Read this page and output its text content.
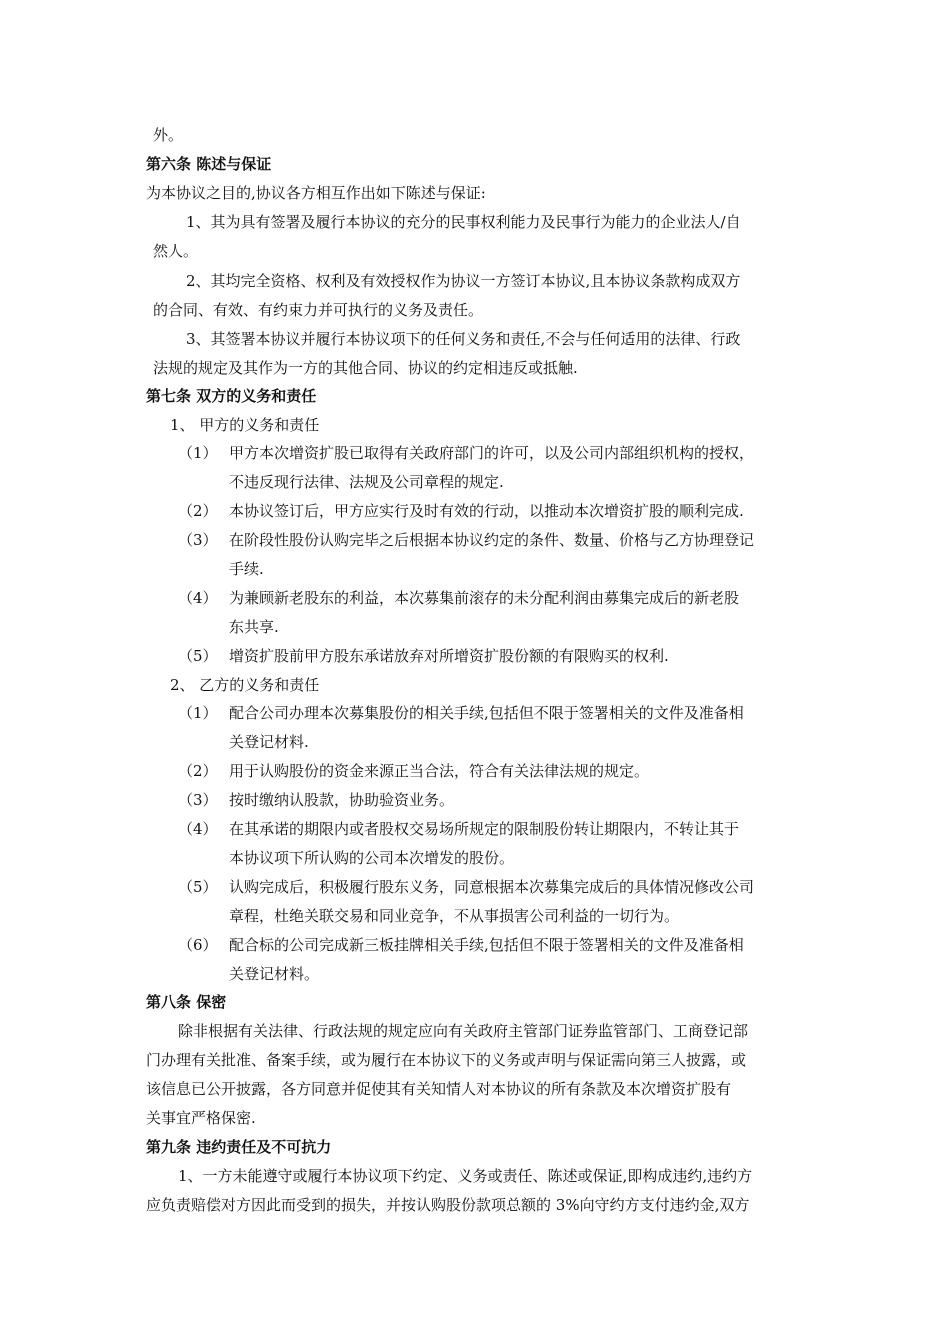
外。
第六条 陈述与保证
为本协议之目的,协议各方相互作出如下陈述与保证:
1、其为具有签署及履行本协议的充分的民事权利能力及民事行为能力的企业法人/自
然人。
2、其均完全资格、权利及有效授权作为协议一方签订本协议,且本协议条款构成双方
的合同、有效、有约束力并可执行的义务及责任。
3、其签署本协议并履行本协议项下的任何义务和责任,不会与任何适用的法律、行政
法规的规定及其作为一方的其他合同、协议的约定相违反或抵触.
第七条 双方的义务和责任
1、 甲方的义务和责任
（1） 甲方本次增资扩股已取得有关政府部门的许可，以及公司内部组织机构的授权，
不违反现行法律、法规及公司章程的规定.
（2） 本协议签订后，甲方应实行及时有效的行动，以推动本次增资扩股的顺利完成.
（3） 在阶段性股份认购完毕之后根据本协议约定的条件、数量、价格与乙方协理登记
手续.
（4） 为兼顾新老股东的利益，本次募集前滚存的未分配利润由募集完成后的新老股
东共享.
（5） 增资扩股前甲方股东承诺放弃对所增资扩股份额的有限购买的权利.
2、 乙方的义务和责任
（1） 配合公司办理本次募集股份的相关手续,包括但不限于签署相关的文件及准备相
关登记材料.
（2） 用于认购股份的资金来源正当合法，符合有关法律法规的规定。
（3） 按时缴纳认股款，协助验资业务。
（4） 在其承诺的期限内或者股权交易场所规定的限制股份转让期限内，不转让其于
本协议项下所认购的公司本次增发的股份。
（5） 认购完成后，积极履行股东义务，同意根据本次募集完成后的具体情况修改公司
章程，杜绝关联交易和同业竞争，不从事损害公司利益的一切行为。
（6） 配合标的公司完成新三板挂牌相关手续,包括但不限于签署相关的文件及准备相
关登记材料。
第八条 保密
除非根据有关法律、行政法规的规定应向有关政府主管部门证券监管部门、工商登记部
门办理有关批准、备案手续，或为履行在本协议下的义务或声明与保证需向第三人披露，或
该信息已公开披露，各方同意并促使其有关知情人对本协议的所有条款及本次增资扩股有
关事宜严格保密.
第九条 违约责任及不可抗力
1、一方未能遵守或履行本协议项下约定、义务或责任、陈述或保证,即构成违约,违约方
应负责赔偿对方因此而受到的损失，并按认购股份款项总额的 3%向守约方支付违约金,双方
